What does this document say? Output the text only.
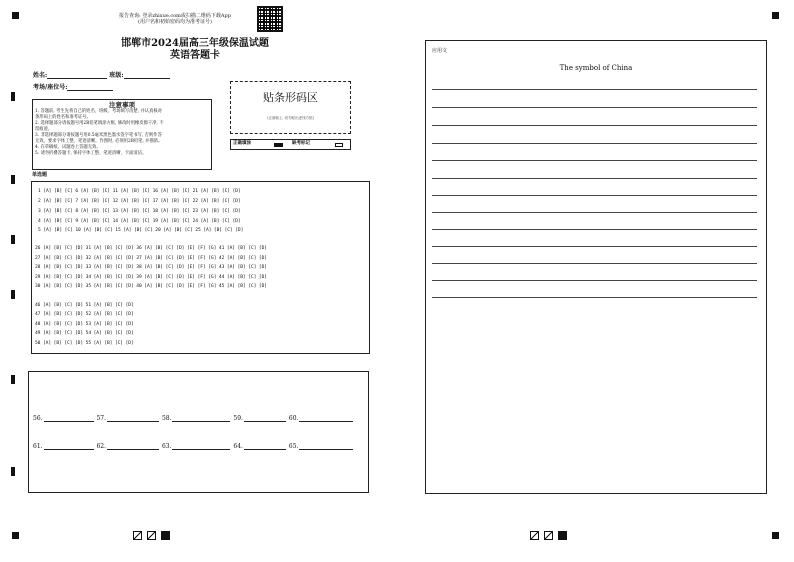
报告查询: 登录zhixue.com或扫描二维码下载App
(用户名和初始密码均为准考证号)
邯郸市2024届高三年级保温试题
英语答题卡
姓名:	班级:
考场/座位号:
贴条形码区
(正面朝上, 切勿贴出虚线方框)
正确填涂	缺考标记
注意事项
1. 答题前, 考生先将自己的姓名、班级、考场填写清楚, 并认真核对
条形码上的姓名和准考证号。
2. 选择题部分请按题号用2B铅笔填涂方框, 修改时用橡皮擦干净, 不
留痕迹。
3. 非选择题部分请按题号用0.5毫米黑色墨水签字笔书写, 否则作答
无效。要求字体工整、笔迹清晰。作图时, 必须用2B铅笔, 并描浓。
4. 在草稿纸、试题卷上答题无效。
5. 请勿折叠答题卡, 保持字体工整、笔迹清晰、卡面清洁。
单选题
1 [A] [B] [C] 6 [A] [B] [C] 11 [A] [B] [C] 16 [A] [B] [C] 21 [A] [B] [C] [D]
2 [A] [B] [C] 7 [A] [B] [C] 12 [A] [B] [C] 17 [A] [B] [C] 22 [A] [B] [C] [D]
3 [A] [B] [C] 8 [A] [B] [C] 13 [A] [B] [C] 18 [A] [B] [C] 23 [A] [B] [C] [D]
4 [A] [B] [C] 9 [A] [B] [C] 14 [A] [B] [C] 19 [A] [B] [C] 24 [A] [B] [C] [D]
5 [A] [B] [C] 10 [A] [B] [C] 15 [A] [B] [C] 20 [A] [B] [C] 25 [A] [B] [C] [D]
26 [A] [B] [C] [D] 31 [A] [B] [C] [D] 36 [A] [B] [C] [D] [E] [F] [G] 41 [A] [B] [C] [D]
27 [A] [B] [C] [D] 32 [A] [B] [C] [D] 37 [A] [B] [C] [D] [E] [F] [G] 42 [A] [B] [C] [D]
28 [A] [B] [C] [D] 33 [A] [B] [C] [D] 38 [A] [B] [C] [D] [E] [F] [G] 43 [A] [B] [C] [D]
29 [A] [B] [C] [D] 34 [A] [B] [C] [D] 39 [A] [B] [C] [D] [E] [F] [G] 44 [A] [B] [C] [D]
30 [A] [B] [C] [D] 35 [A] [B] [C] [D] 40 [A] [B] [C] [D] [E] [F] [G] 45 [A] [B] [C] [D]
46 [A] [B] [C] [D] 51 [A] [B] [C] [D]
47 [A] [B] [C] [D] 52 [A] [B] [C] [D]
48 [A] [B] [C] [D] 53 [A] [B] [C] [D]
49 [A] [B] [C] [D] 54 [A] [B] [C] [D]
50 [A] [B] [C] [D] 55 [A] [B] [C] [D]
56.	57.	58.	59.	60.
61.	62.	63.	64.	65.
应用文
The symbol of China
